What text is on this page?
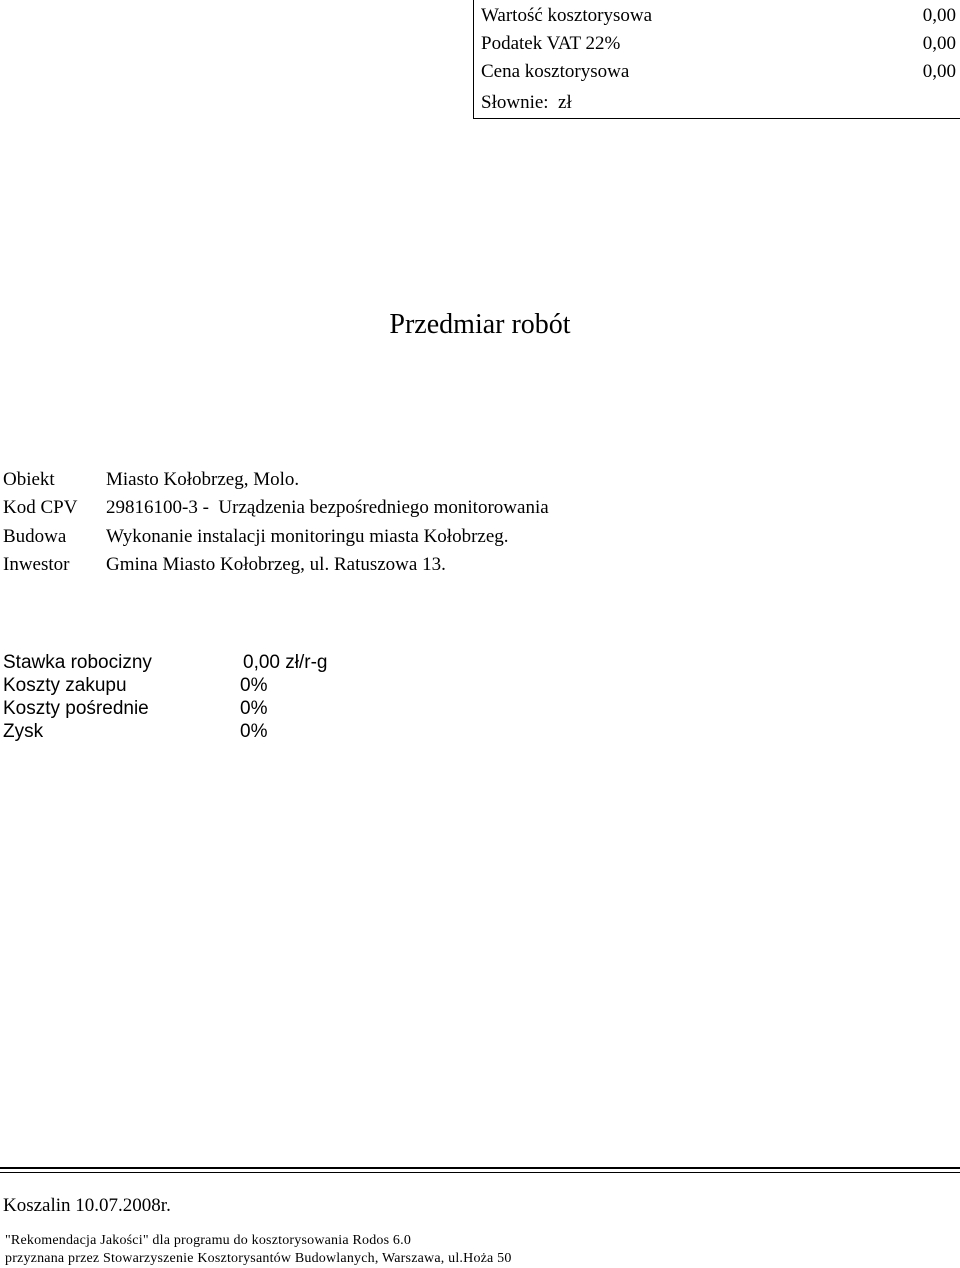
Wartość kosztorysowa	0,00
Podatek VAT 22%	0,00
Cena kosztorysowa	0,00
Słownie:  zł
Przedmiar robót
Obiekt	Miasto Kołobrzeg, Molo.
Kod CPV 29816100-3 -  Urządzenia bezpośredniego monitorowania
Budowa Wykonanie instalacji monitoringu miasta Kołobrzeg.
Inwestor Gmina Miasto Kołobrzeg, ul. Ratuszowa 13.
Stawka robocizny	0,00 zł/r-g
Koszty zakupu	0%
Koszty pośrednie	0%
Zysk	0%
Koszalin 10.07.2008r.
"Rekomendacja Jakości" dla programu do kosztorysowania Rodos 6.0
przyznana przez Stowarzyszenie Kosztorysantów Budowlanych, Warszawa, ul.Hoża 50
